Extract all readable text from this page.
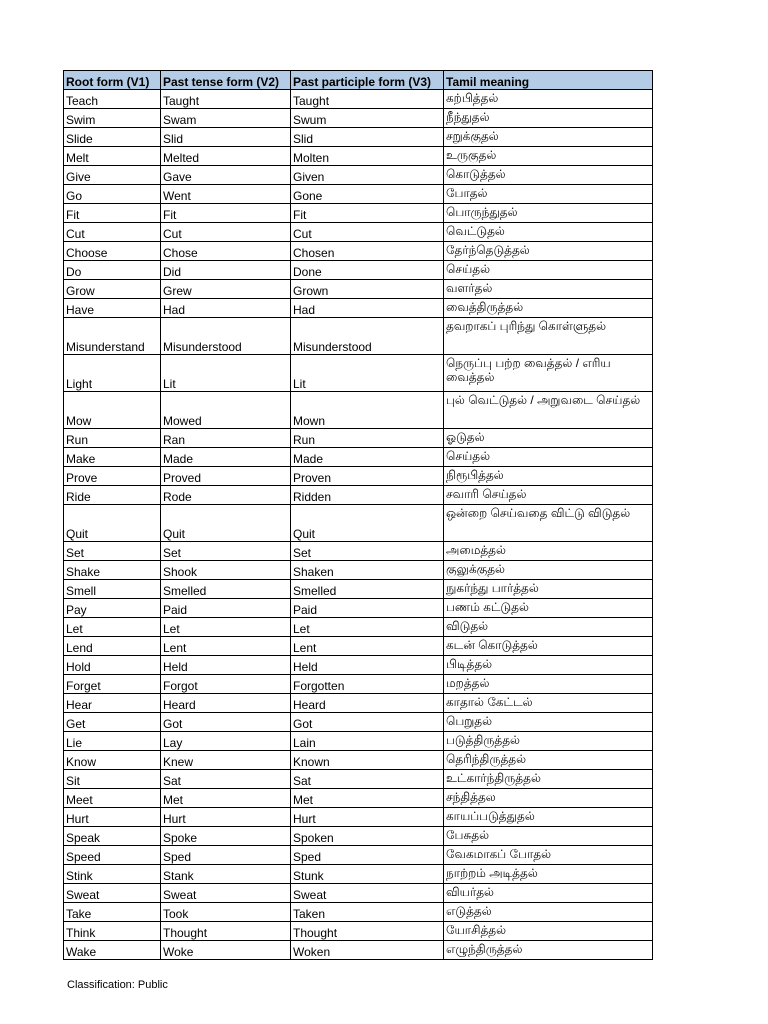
Root form (V1)	Past tense form (V2)	Past participle form (V3)	Tamil meaning
Teach	Taught	Taught	கற்பித்தல்
Swim	Swam	Swum	நீந்துதல்
Slide	Slid	Slid	சறுக்குதல்
Melt	Melted	Molten	உருகுதல்
Give	Gave	Given	கொடுத்தல்
Go	Went	Gone	போதல்
Fit	Fit	Fit	பொருந்துதல்
Cut	Cut	Cut	வெட்டுதல்
Choose	Chose	Chosen	தேர்ந்தெடுத்தல்
Do	Did	Done	செய்தல்
Grow	Grew	Grown	வளர்தல்
Have	Had	Had	வைத்திருத்தல்
Misunderstand	Misunderstood	Misunderstood	தவறாகப் புரிந்து கொள்ளுதல்
Light	Lit	Lit	நெருப்பு பற்ற வைத்தல் / எரிய வைத்தல்
Mow	Mowed	Mown	புல் வெட்டுதல் / அறுவடை செய்தல்
Run	Ran	Run	ஓடுதல்
Make	Made	Made	செய்தல்
Prove	Proved	Proven	நிரூபித்தல்
Ride	Rode	Ridden	சவாரி செய்தல்
Quit	Quit	Quit	ஒன்றை செய்வதை விட்டு விடுதல்
Set	Set	Set	அமைத்தல்
Shake	Shook	Shaken	குலுக்குதல்
Smell	Smelled	Smelled	நுகர்ந்து பார்த்தல்
Pay	Paid	Paid	பணம் கட்டுதல்
Let	Let	Let	விடுதல்
Lend	Lent	Lent	கடன் கொடுத்தல்
Hold	Held	Held	பிடித்தல்
Forget	Forgot	Forgotten	மறத்தல்
Hear	Heard	Heard	காதால் கேட்டல்
Get	Got	Got	பெறுதல்
Lie	Lay	Lain	படுத்திருத்தல்
Know	Knew	Known	தெரிந்திருத்தல்
Sit	Sat	Sat	உட்கார்ந்திருத்தல்
Meet	Met	Met	சந்தித்தல
Hurt	Hurt	Hurt	காயப்படுத்துதல்
Speak	Spoke	Spoken	பேசுதல்
Speed	Sped	Sped	வேகமாகப் போதல்
Stink	Stank	Stunk	நாற்றம் அடித்தல்
Sweat	Sweat	Sweat	வியர்தல்
Take	Took	Taken	எடுத்தல்
Think	Thought	Thought	யோசித்தல்
Wake	Woke	Woken	எழுந்திருத்தல்
Classification: Public
